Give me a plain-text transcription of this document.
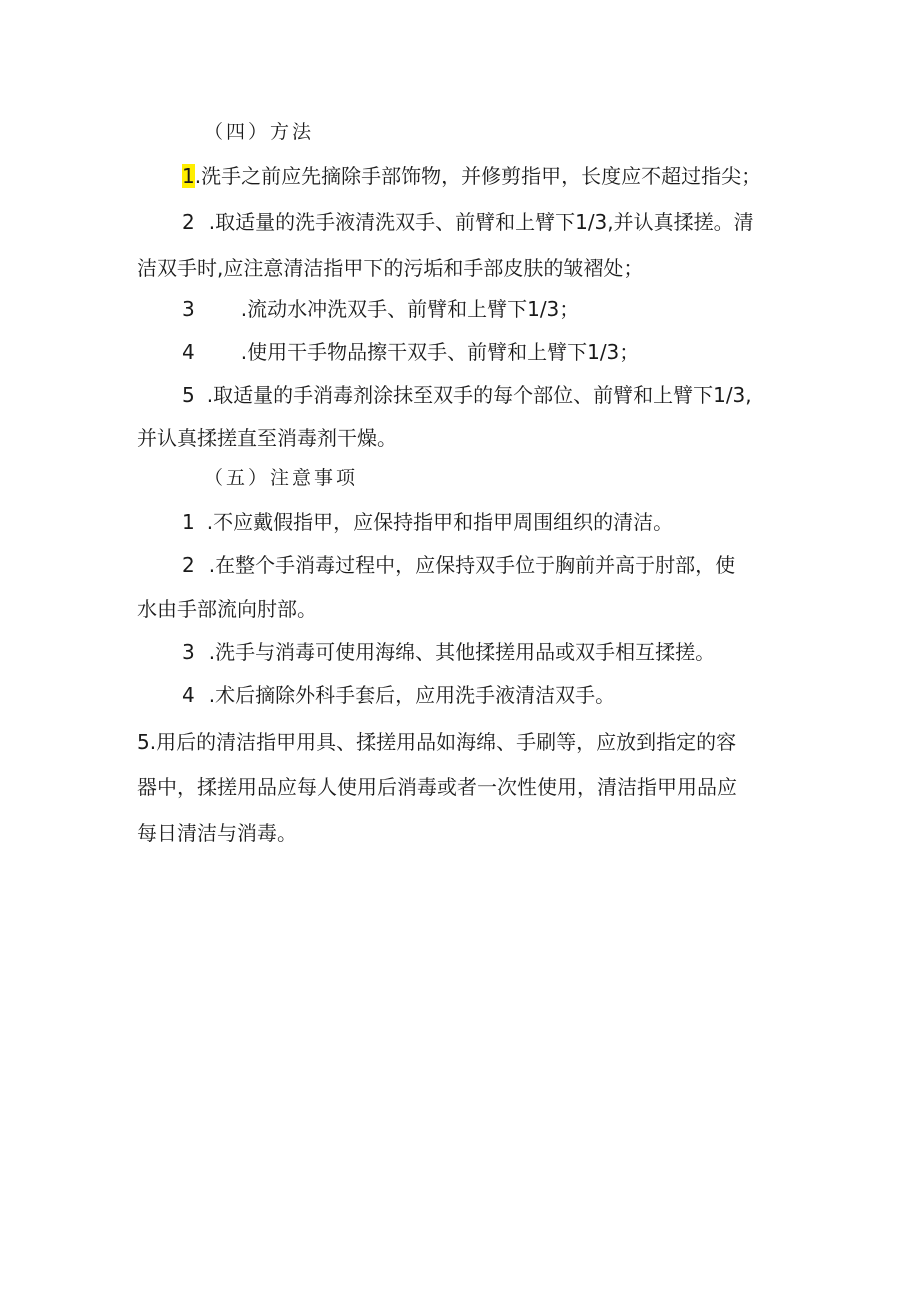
（四）方法
1.洗手之前应先摘除手部饰物，并修剪指甲，长度应不超过指尖；
2 .取适量的洗手液清洗双手、前臂和上臂下1/3,并认真揉搓。清
洁双手时,应注意清洁指甲下的污垢和手部皮肤的皱褶处；
3 .流动水冲洗双手、前臂和上臂下1/3；
4 .使用干手物品擦干双手、前臂和上臂下1/3；
5 .取适量的手消毒剂涂抹至双手的每个部位、前臂和上臂下1/3,
并认真揉搓直至消毒剂干燥。
（五）注意事项
1 .不应戴假指甲，应保持指甲和指甲周围组织的清洁。
2 .在整个手消毒过程中，应保持双手位于胸前并高于肘部，使
水由手部流向肘部。
3 .洗手与消毒可使用海绵、其他揉搓用品或双手相互揉搓。
4 .术后摘除外科手套后，应用洗手液清洁双手。
5.用后的清洁指甲用具、揉搓用品如海绵、手刷等，应放到指定的容
器中，揉搓用品应每人使用后消毒或者一次性使用，清洁指甲用品应
每日清洁与消毒。
